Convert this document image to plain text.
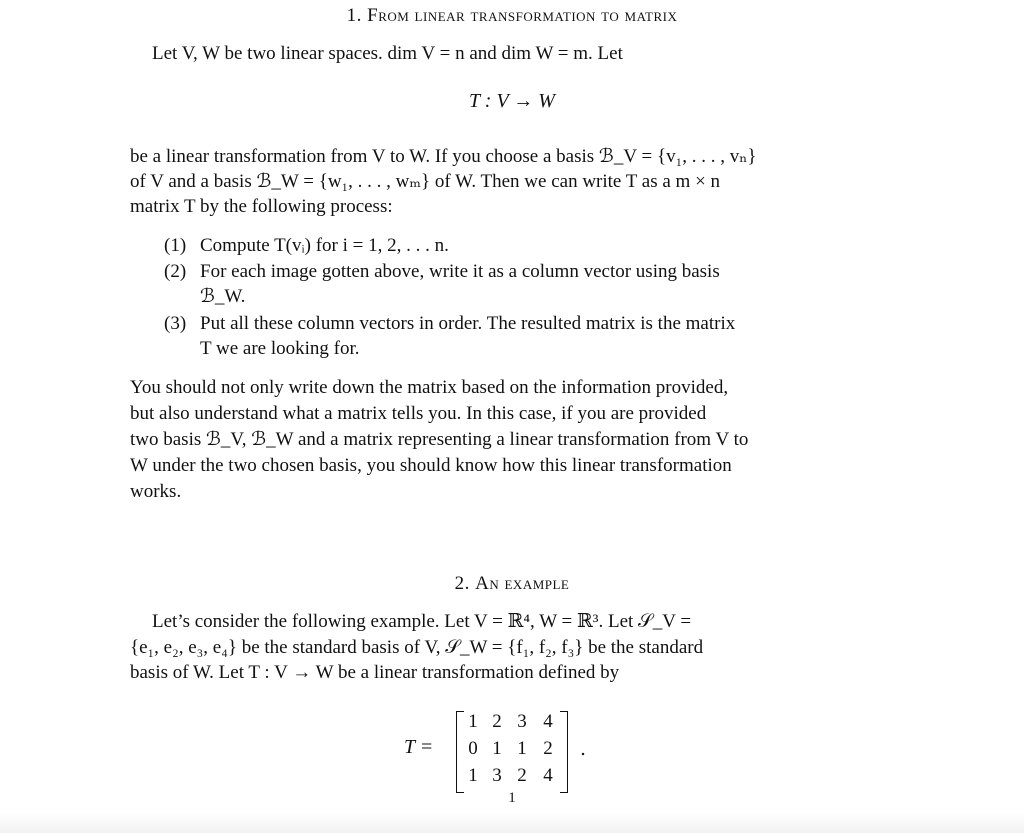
1. From linear transformation to matrix
Let V, W be two linear spaces. dim V = n and dim W = m. Let
T : V → W
be a linear transformation from V to W. If you choose a basis ℬ_V = {v₁, . . . , vₙ}
of V and a basis ℬ_W = {w₁, . . . , wₘ} of W. Then we can write T as a m × n
matrix T by the following process:
(1) Compute T(vᵢ) for i = 1, 2, . . . n.
(2) For each image gotten above, write it as a column vector using basis
ℬ_W.
(3) Put all these column vectors in order. The resulted matrix is the matrix
T we are looking for.
You should not only write down the matrix based on the information provided,
but also understand what a matrix tells you. In this case, if you are provided
two basis ℬ_V, ℬ_W and a matrix representing a linear transformation from V to
W under the two chosen basis, you should know how this linear transformation
works.
2. An example
Let’s consider the following example. Let V = ℝ⁴, W = ℝ³. Let 𝒮_V =
{e₁, e₂, e₃, e₄} be the standard basis of V, 𝒮_W = {f₁, f₂, f₃} be the standard
basis of W. Let T : V → W be a linear transformation defined by
T =
1 2 3 4
0 1 1 2
1 3 2 4
.
1
